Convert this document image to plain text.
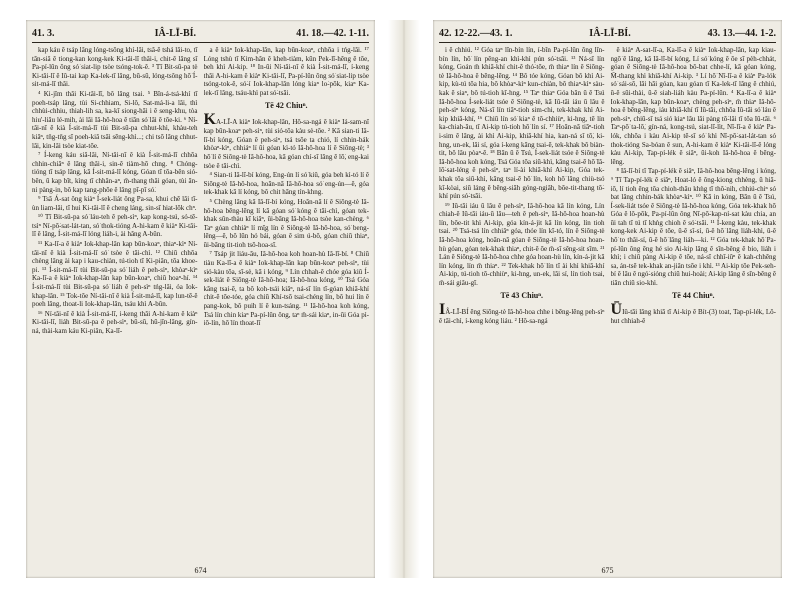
41. 3.	IÂ-LĪ-BÍ.	41. 18.—42. 1-11.

kap káu ê tsáp lâng lóng-tsông khí-lâi, tsâ-ê tshá lâi-to, tī tān-siâ ê tiong-kan kong-kek Ki-tâi-lī thâi-i, chit-ê lâng sī Pa-pí-lûn ông só͘ siat-lip tsòe tsóng-tok-ê. ³ Tī Bit-sū-pa tè Ki-tâi-lī ê Iû-tai kap Ka-lek-tī lâng, bū-sū, lóng-tsông hō͘ Í-sit-má-lī thâi.

⁴ Ki-jîm thâi Ki-tâi-lī, bô lâng tsai. ⁵ Bîn-á-tsá-khí tī poeh-tsáp lâng, tùi Si-chhiam, Si-lô, Sat-má-li-a lâi, thì chhùi-chhiu, thiah-lih sa, ka-kī siong-hāi i ê seng-khu, tòa hiu'-liâu lé-mih, ài lâi Iâ-hô-hoa ê tiān só͘ lâi ê tōe-ki. ⁶ Ní-tâi-nī ê kià Í-sit-má-lī tùi Bit-sū-pa chhut-khì, khàu-teh kiâⁿ, tn̄g-tn̄g sī poeh-kiâ tsāi sēng-khì...; chi tsō lâng chhut-lâi, kin-lâi tsòe kiat-tōe.

⁷ Í-keng káu siâ-lâi, Ní-tâi-nī ê kià Í-sit-má-lī chhōa chhin-chiâⁿ ê lâng thâi-i, sin-ê tiàm-hō chng. ⁸ Chóng-tióng tī tsáp lâng, kā Í-sit-má-lī kóng, Góan tī tōa-bên sió-bên, ū kap bīt, kìng tī chhân-aⁿ, m̄-thang thâi góan, tùi ān-ni pàng-in, bô kap tang-phōe ê lâng pī-pī só͘.

⁹ Tsā Á-sat ông kiàⁿ Í-sek-liát ông Pa-sa, khui chē lâi tī-ùn liam-lâi, tī hui Ki-tâi-lī ê cheng láng, sin-sī hiat-lōk chⁿ.

¹⁰ Tī Bit-sū-pa só͘ láu-teh ê peh-sìⁿ, kap kong-tsú, só-tē-tsìⁿ Ní-pō͘-sat-lát-tan, só͘ thok-tióng A-hi-kam ê kiàⁿ Ki-tâi-lī ê lâng, Í-sit-má-lī lóng liáh-i, ài hâng A-bûn.

¹¹ Ka-lī-a ê kiàⁿ Iok-khap-lân kap būn-koaⁿ, thiaⁿ-kìⁿ Ní-tâi-nī ê kià Í-sit-má-lī só͘ tsòe ê tāi-chì. ¹² Chiū chhōa chèng lâng ài kap i kau-chiàn, tú-tioh tī Ki-piân, tōa khoe-pi. ¹³ Í-sit-má-lī tùi Bit-sū-pa só͘ liáh ê peh-sìⁿ, khòaⁿ-kìⁿ Ka-lī-a ê kiàⁿ Iok-khap-lân kap būn-koaⁿ, chiū hoaⁿ-hí. ¹⁴ Í-sit-má-lī tùi Bit-sū-pa só͘ liáh ê peh-sìⁿ tńg-lâi, óa Iok-khap-lân. ¹⁵ Tok-tōe Ní-tâi-nī ê kià Í-sit-má-lī, kap lun-tē-ê poeh lâng, thoat-li Iok-khap-lân, tsáu khì A-bûn.

¹⁶ Ní-tâi-nī ê kià Í-sit-má-lī, i-keng thâi A-hi-kam ê kiàⁿ Ki-tâi-lī, liáh Bit-sū-pa ê peh-sìⁿ, bū-sū, hū-jîn-lâng, gín-ná, thài-kam káu Ki-piân, Ka-lī-

a ê kiàⁿ Iok-khap-lân, kap būn-koaⁿ, chhōa i tńg-lâi. ¹⁷ Lóng tshù tī Kim-hân ê kheh-tiàm, kūn Pek-lī-hêng ê tōe, beh khì Ai-kip. ¹⁸ In-ūi Ní-tâi-nī ê kià Í-sit-má-lī, í-keng thâi A-hi-kam ê kiàⁿ Ki-tâi-lī, Pa-pí-lûn ông só͘ siat-lip tsòe tsóng-tok-ê, só͘-í Iok-khap-lân lóng kiaⁿ lo͘-pōk, kiaⁿ Ka-lek-tī lâng, tsáu-khì pat só͘-tsāi.

Tē 42 Chiuⁿ.

KA-LĪ-A kiàⁿ Iok-khap-lân, Hô-sa-ngá ê kiàⁿ Iá-sam-nī kap būn-koaⁿ peh-sìⁿ, tùi sió-tōa kàu sè-tōe. ² Kā sian-ti Iâ-lī-bí kóng, Góan ê peh-sìⁿ, tsá tsōe ta chió, lí chhin-bák khòaⁿ-kìⁿ, chhiáⁿ lí ūi góan kì-tó Iâ-hô-hoa lí ê Siōng-tè; ³ hō͘ lí ê Siōng-tè Iâ-hô-hoa, kā góan chí-sī lâng ê lō͘, eng-kai tsòe ê tāi-chì.

⁴ Sian-ti Iâ-lī-bí kóng, Eng-ún lí só͘ kiû, góa beh kì-tó lí ê Siōng-tè Iâ-hô-hoa, hoān-nā Iâ-hô-hoa só͘ eng-ún—ê, góa tek-khak kā lí kóng, bô chit hāng tín-khng.

⁵ Chèng lâng kā Iâ-lī-bí kóng, Hoān-nā lí ê Siōng-tè Iâ-hô-hoa bēng-lēng lí kā góan só͘ kóng ê tāi-chì, góan tek-khak sûn-thàu kī kiâⁿ, ūi-bāng Iâ-hô-hoa tsòe kan-chèng. ⁶ Taⁿ góan chhiàⁿ lí mī̤g lín ê Siōng-tè Iâ-hô-hoa, só͘ beng-lēng—ê, bô lūn hó bái, góan ê sim ú-bô, góan chiū thiaⁿ, ūi-bāng tit-tioh tsō-hoa-sī.

⁷ Tsáp jit liáu-āu, Iâ-hô-hoa koh hoan-hù Iâ-lī-bí. ⁸ Chiū tiàu Ka-lī-a ê kiàⁿ Iok-khap-lân kap būn-koaⁿ peh-sìⁿ, tùi sió-kàu tōa, sī-sè, kā i kóng, ⁹ Lín chhah-ê chóe góa kiû Í-sek-liát ê Siōng-tè Iâ-hô-hoa; Iâ-hô-hoa kóng, ¹⁰ Tsá Góa kāng tsai-ē, ta bô koh-tsái kiâⁿ, ná-sī lín tī-góan khiā-khí chit-ē tōe-tóe, góa chiū Khí-tsō tsai-chéng lín, bô hui lín ê pang-kok, bô puih lí ê kun-tsáng. ¹¹ Iâ-hô-hoa koh kóng, Tsá lín chin kiaⁿ Pa-pí-lûn ông, taⁿ m̄-sái kiaⁿ, in-ūi Góa pì-iō-lín, hō͘ lín thoat-lī

674
42. 12-22.—43. 1.	IÂ-LĪ-BÍ.	43. 13.—44. 1-2.

i ê chhiú. ¹² Góa taⁿ lîn-bín lín, í-bîn Pa-pí-lûn ông lîn-bín lín, hō͘ lín pêng-an khì-khì pún só͘-tsāi. ¹³ Ná-sī lín kóng, Goán m̄ khiā-khí chit-ê thó͘-tōe, m̄ thiaⁿ lín ê Siōng-tè Iâ-hô-hoa ê bēng-lēng. ¹⁴ Bô tóe kóng, Góan bô khì Ai-kip, kù-tú tōa hia, bô khòaⁿ-kìⁿ kun-chiàn, bô thiaⁿ-kìⁿ sàu-kak ê siaⁿ, bô tú-tioh kī-hng. ¹⁵ Taⁿ thiaⁿ Góa bān ū ê Tsú Iâ-hô-hoa Í-sek-liát tsóe ê Siōng-tè, kā Iû-tāi iáu ū lâu ê peh-sìⁿ kóng, Ná-sī lín tiāⁿ-tioh sim-chi, tek-khak khì Ai-kip khiā-khí, ¹⁶ Chiū lín só͘ kiaⁿ ê tō-chhiùⁿ, ki-hng, tē lín ka-chiah-āu, tī Ai-kip tú-tioh hō͘ lín sí. ¹⁷ Hoān-nā tiāⁿ-tioh i-sim ê lâng, ài khì Ai-kip, khiā-khí hia, kan-ná sǐ tō͘, ki-hng, un-ek, lâi sí, góa í-keng kāng tsai-ē, tek-khak bô biàn-tit, bô lâu pòaⁿ-ê. ¹⁸ Bān ū ê Tsú, Í-sek-liát tsóe ê Siōng-tè Iâ-hô-hoa koh kóng, Tsá Góa tōa siū-khì, kāng tsai-ē hō͘ Iâ-lō͘-sat-léng ê peh-sìⁿ, taⁿ lí-ài khiā-khí Ai-kip, Góa tek-khak tōa siū-khì, kāng tsai-ē hō͘ lín, koh hō͘ lâng chiù-tsó kī-kòai, siū láng ê bêng-siāh góng-ngiâh, bōe-tit-thang tō͘-khí pún só͘-tsāi.

¹⁹ Iû-tāi iáu ū lâu ê peh-sìⁿ, Iâ-hô-hoa kā lín kóng, Lín chiah-ê Iû-tāi iáu-ū lâu—teh ê peh-sìⁿ, Iâ-hô-hoa hoan-hù lín, bōe-tit khì Ai-kip, góa kín-á-jit kā lín kóng, lín tioh tsai. ²⁰ Tsá-tsá lín chhiâⁿ góa, thóe lín kī-tó, lín ê Siōng-tè Iâ-hô-hoa kóng, hoān-nā góan ê Siōng-tè Iâ-hô-hoa hoan-hù góan, góan tek-khak thiaⁿ, chit-ê ōe m̄-sī sêng-sit sīm. ²¹ Lán ê Siōng-tè Iâ-hô-hoa chhe góa hoan-hù lín, kín-á-jit kā lín kóng, lín m̄ thiaⁿ. ²² Tek-khak hō͘ lín tī ài khì khiā-khí Ai-kip, tú-tioh tō-chhiùⁿ, ki-hng, un-ek, lâi sí, lín tioh tsai, m̄-sái giâu-gī.

Tē 43 Chiuⁿ.

IÂ-LĪ-BÍ ēng Siōng-tè Iâ-hô-hoa chhe i bēng-lēng peh-sìⁿ ê tāi-chì, í-keng kóng liáu. ² Hô-sa-ngá

ê kiàⁿ A-sat-lī-a, Ka-lī-a ê kiàⁿ Iok-khap-lân, kap kiau-ngō͘ ê lâng, kā Iâ-lī-bí kóng, Lí só͘ kóng ê ōe sī pèh-chhát, góan ê Siōng-tè Iâ-hô-hoa bô-bat chhe-lí, kā góan kóng, M̄-thang khì khiā-khí Ai-kip. ³ Lí hō͘ Nî-lī-a ê kiàⁿ Pa-lók só͘ sái-sō, lâi hāi góan, kau góan tī Ka-lek-tī lâng ê chhiú, ū-ê sūi-thài, ū-ê siah-liáh kàu Pa-pí-lûn. ⁴ Ka-lī-a ê kiàⁿ Iok-khap-lân, kap būn-koaⁿ, chèng peh-sìⁿ, m̄ thiaⁿ Iâ-hô-hoa ê bēng-lēng, iáu khiā-khí tī Iû-tāi, chhōa Iû-tāi só͘ láu ê peh-sìⁿ, chiū-sī tsá sió kiaⁿ lâu lâi pàng tō͘-lâi tī tōa Iû-tāi. ⁶ Taⁿ-pō͘ ta-lō͘, gín-ná, kong-tsú, siat-lī-lìt, Nî-lī-a ê kiàⁿ Pa-lók, chhōa i kàu Ai-kip tē-sī só͘ khì Nî-pō͘-sat-lát-tan só͘ thok-tióng Sa-bóan ê sun, A-hi-kam ê kiàⁿ Ki-tâi-lī-ê lóng kàu Ai-kip, Tap-pí-lék ê siâⁿ, ūi-koh Iâ-hô-hoa ê bēng-lēng.

⁸ Iâ-lī-bí tī Tap-pí-lék ê siâⁿ, Iâ-hô-hoa bēng-lēng i kóng, ⁹ Tī Tap-pí-lék ê siâⁿ, Hoat-ló ê ông-kiong chhèng, ū hiā-iō, lí tioh ēng tōa chioh-thâu khǹg tī thô͘-nih, chhiú-chiⁿ só͘ bat lâng chhin-bák khòaⁿ-kìⁿ. ¹⁰ Kā in kóng, Bān ū ê Tsú, Í-sek-liát tsóe ê Siōng-tè Iâ-hô-hoa kóng, Góa tek-khak hō͘ Góa ê lô-pōk, Pa-pí-lûn ông Nî-pō͘-kap-ní-sat kàu chia, an ūi tah tī tú tī khǹg chioh ê só͘-tsāi. ¹¹ Í-keng kàu, tek-khak kong-kek Ai-kip ê tōe, ū-ê sǐ-sí, ū-ê hō͘ lâng liáh-khì, ū-ê hō͘ to thâi-sí, ū-ê hō͘ lâng liáh—ki. ¹² Góa tek-khak hō͘ Pa-pí-lûn ông ēng hé sio Ai-kip lâng ê sīn-bêng ê bio, liáh i khì; i chiū pàng Ai-kip ê tōe, ná-sī chhī-iûⁿ ê kah-chhēng sa, án-tsē tek-khak an-jiân tsōe i khì. ¹³ Ai-kip tōe Pek-seh-bí ê lâu ê ngó͘-sióng chiū hui-hoài; Ai-kip lâng ê sīn-bêng ê tiān chiū sio-khì.

Tē 44 Chiuⁿ.

ŪIû-tāi lâng khiā tī Ai-kip ê Bít-(3) toat, Tap-pí-lék, Lô-hut chhiah-ê

675
